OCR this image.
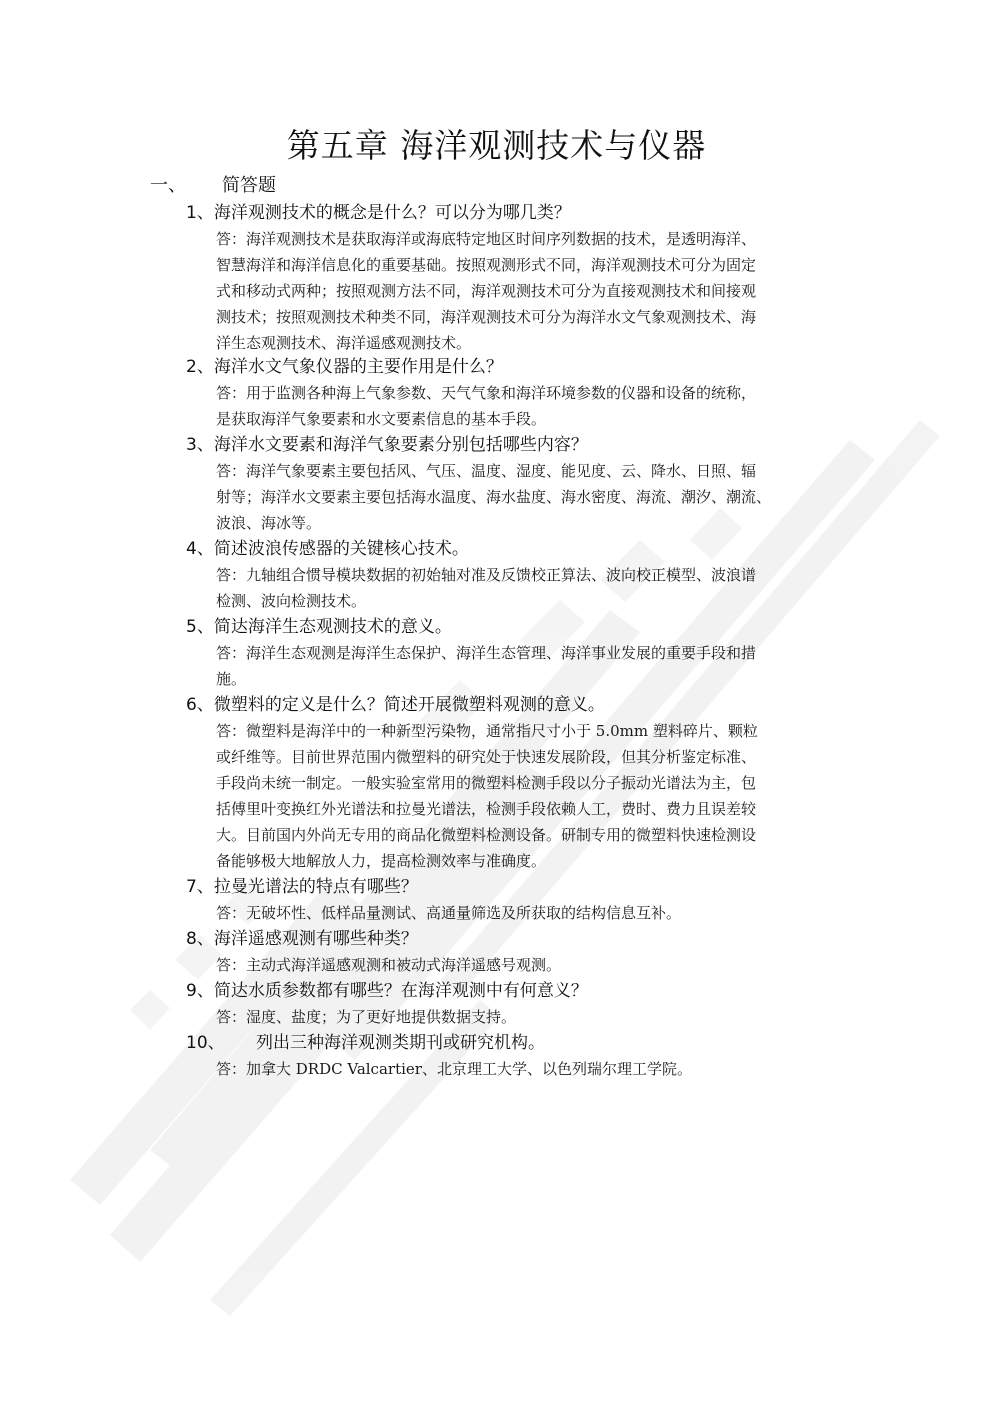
第五章 海洋观测技术与仪器
一、 简答题
1、海洋观测技术的概念是什么？可以分为哪几类？
答：海洋观测技术是获取海洋或海底特定地区时间序列数据的技术，是透明海洋、
智慧海洋和海洋信息化的重要基础。按照观测形式不同，海洋观测技术可分为固定
式和移动式两种；按照观测方法不同，海洋观测技术可分为直接观测技术和间接观
测技术；按照观测技术种类不同，海洋观测技术可分为海洋水文气象观测技术、海
洋生态观测技术、海洋遥感观测技术。
2、海洋水文气象仪器的主要作用是什么？
答：用于监测各种海上气象参数、天气气象和海洋环境参数的仪器和设备的统称，
是获取海洋气象要素和水文要素信息的基本手段。
3、海洋水文要素和海洋气象要素分别包括哪些内容？
答：海洋气象要素主要包括风、气压、温度、湿度、能见度、云、降水、日照、辐
射等；海洋水文要素主要包括海水温度、海水盐度、海水密度、海流、潮汐、潮流、
波浪、海冰等。
4、简述波浪传感器的关键核心技术。
答：九轴组合惯导模块数据的初始轴对准及反馈校正算法、波向校正模型、波浪谱
检测、波向检测技术。
5、简达海洋生态观测技术的意义。
答：海洋生态观测是海洋生态保护、海洋生态管理、海洋事业发展的重要手段和措
施。
6、微塑料的定义是什么？简述开展微塑料观测的意义。
答：微塑料是海洋中的一种新型污染物，通常指尺寸小于 5.0mm 塑料碎片、颗粒
或纤维等。目前世界范围内微塑料的研究处于快速发展阶段，但其分析鉴定标准、
手段尚未统一制定。一般实验室常用的微塑料检测手段以分子振动光谱法为主，包
括傅里叶变换红外光谱法和拉曼光谱法，检测手段依赖人工，费时、费力且误差较
大。目前国内外尚无专用的商品化微塑料检测设备。研制专用的微塑料快速检测设
备能够极大地解放人力，提高检测效率与准确度。
7、拉曼光谱法的特点有哪些？
答：无破坏性、低样品量测试、高通量筛选及所获取的结构信息互补。
8、海洋遥感观测有哪些种类？
答：主动式海洋遥感观测和被动式海洋遥感号观测。
9、简达水质参数都有哪些？在海洋观测中有何意义？
答：湿度、盐度；为了更好地提供数据支持。
10、 列出三种海洋观测类期刊或研究机构。
答：加拿大 DRDC Valcartier、北京理工大学、以色列瑞尔理工学院。
